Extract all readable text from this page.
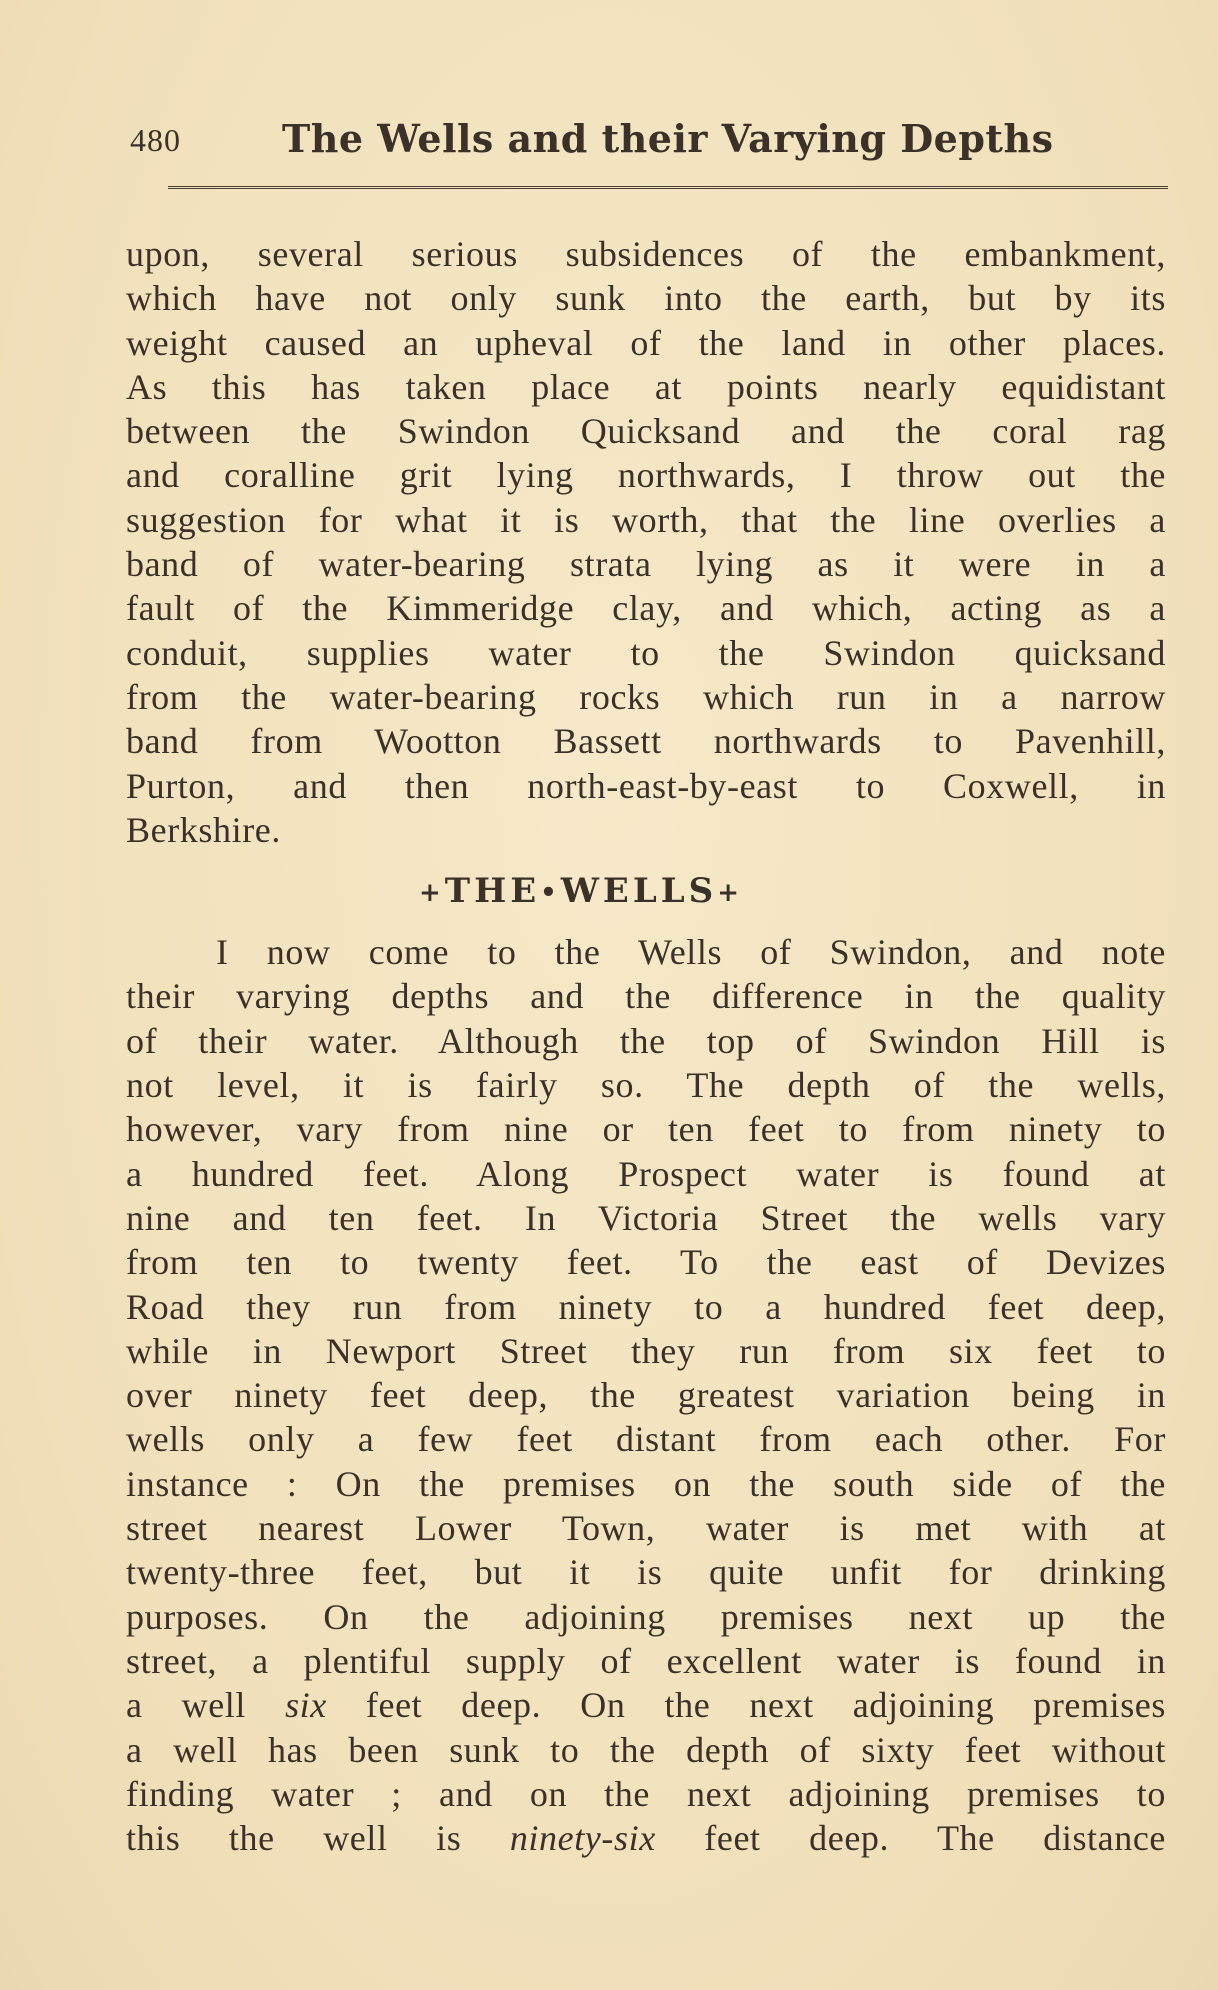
480	The Wells and their Varying Depths
upon, several serious subsidences of the embankment,
which have not only sunk into the earth, but by its
weight caused an upheval of the land in other places.
As this has taken place at points nearly equidistant
between the Swindon Quicksand and the coral rag
and coralline grit lying northwards, I throw out the
suggestion for what it is worth, that the line overlies a
band of water-bearing strata lying as it were in a
fault of the Kimmeridge clay, and which, acting as a
conduit, supplies water to the Swindon quicksand
from the water-bearing rocks which run in a narrow
band from Wootton Bassett northwards to Pavenhill,
Purton, and then north-east-by-east to Coxwell, in
Berkshire.
+THE•WELLS+
I now come to the Wells of Swindon, and note
their varying depths and the difference in the quality
of their water. Although the top of Swindon Hill is
not level, it is fairly so. The depth of the wells,
however, vary from nine or ten feet to from ninety to
a hundred feet. Along Prospect water is found at
nine and ten feet. In Victoria Street the wells vary
from ten to twenty feet. To the east of Devizes
Road they run from ninety to a hundred feet deep,
while in Newport Street they run from six feet to
over ninety feet deep, the greatest variation being in
wells only a few feet distant from each other. For
instance : On the premises on the south side of the
street nearest Lower Town, water is met with at
twenty-three feet, but it is quite unfit for drinking
purposes. On the adjoining premises next up the
street, a plentiful supply of excellent water is found in
a well six feet deep. On the next adjoining premises
a well has been sunk to the depth of sixty feet without
finding water ; and on the next adjoining premises to
this the well is ninety-six feet deep. The distance
